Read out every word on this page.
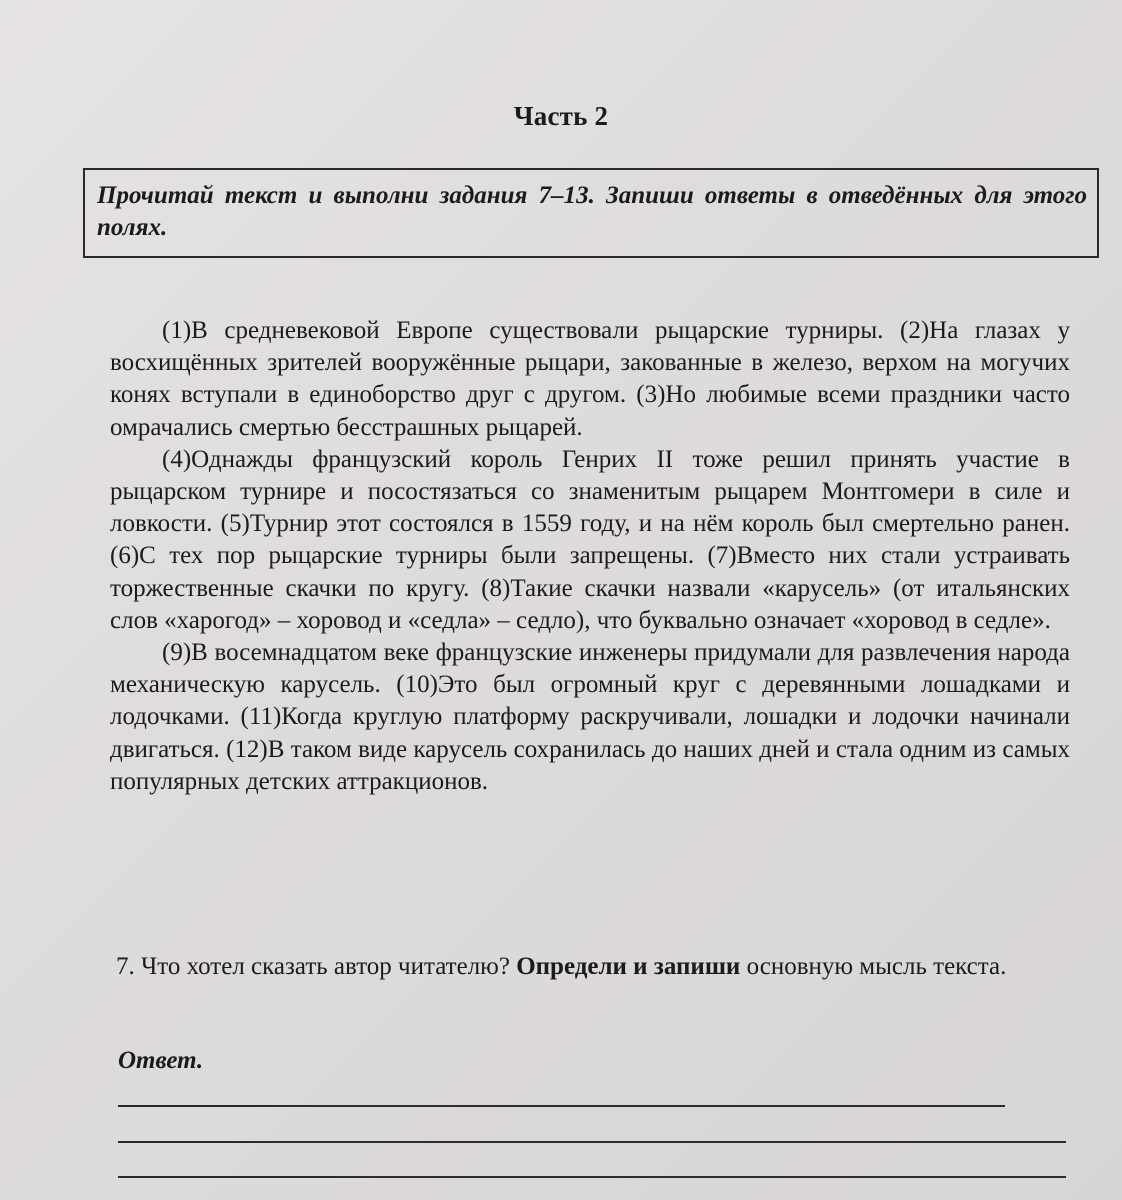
Часть 2
Прочитай текст и выполни задания 7–13. Запиши ответы в отведённых для этого полях.

(1)В средневековой Европе существовали рыцарские турниры. (2)На глазах у восхищённых зрителей вооружённые рыцари, закованные в железо, верхом на могучих конях вступали в единоборство друг с другом. (3)Но любимые всеми праздники часто омрачались смертью бесстрашных рыцарей.

(4)Однажды французский король Генрих II тоже решил принять участие в рыцарском турнире и посостязаться со знаменитым рыцарем Монтгомери в силе и ловкости. (5)Турнир этот состоялся в 1559 году, и на нём король был смертельно ранен. (6)С тех пор рыцарские турниры были запрещены. (7)Вместо них стали устраивать торжественные скачки по кругу. (8)Такие скачки назвали «карусель» (от итальянских слов «харогод» – хоровод и «седла» – седло), что буквально означает «хоровод в седле».

(9)В восемнадцатом веке французские инженеры придумали для развлечения народа механическую карусель. (10)Это был огромный круг с деревянными лошадками и лодочками. (11)Когда круглую платформу раскручивали, лошадки и лодочки начинали двигаться. (12)В таком виде карусель сохранилась до наших дней и стала одним из самых популярных детских аттракционов.

7. Что хотел сказать автор читателю? Определи и запиши основную мысль текста.
Ответ.
